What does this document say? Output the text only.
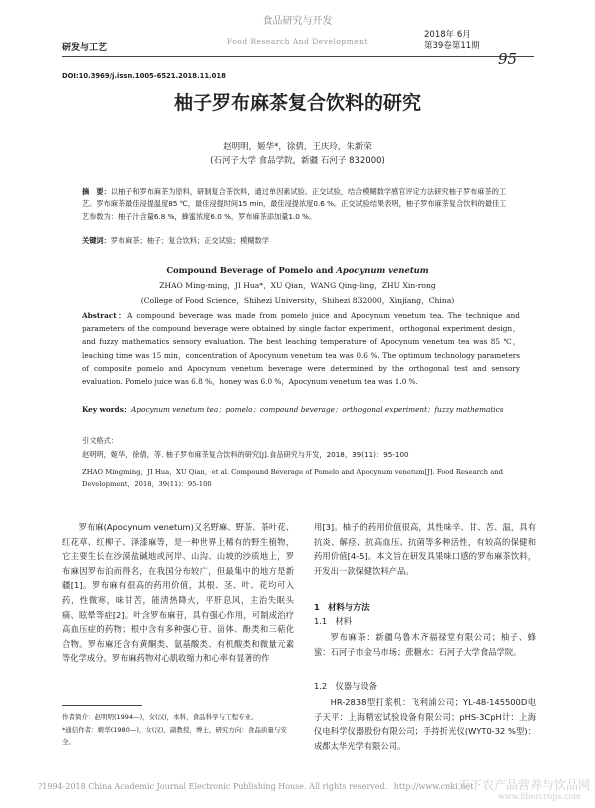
研发与工艺
食品研究与开发
Food Research And Development
2018年 6月
第39卷第11期
95
DOI:10.3969/j.issn.1005-6521.2018.11.018
柚子罗布麻茶复合饮料的研究
赵明明，姬华*，徐倩，王庆玲，朱新荣
(石河子大学 食品学院，新疆 石河子 832000)
摘　要：以柚子和罗布麻茶为原料，研制复合茶饮料，通过单因素试验、正交试验，结合模糊数学感官评定方法研究柚子罗布麻茶的工艺。罗布麻茶最佳浸提温度85 ℃，最佳浸提时间15 min，最佳浸提浓度0.6 %。正交试验结果表明，柚子罗布麻茶复合饮料的最佳工艺参数为：柚子汁含量6.8 %，蜂蜜浓度6.0 %，罗布麻茶添加量1.0 %。
关键词：罗布麻茶；柚子；复合饮料；正交试验；模糊数学
Compound Beverage of Pomelo and Apocynum venetum
ZHAO Ming-ming，JI Hua*，XU Qian，WANG Qing-ling，ZHU Xin-rong
(College of Food Science，Shihezi University，Shihezi 832000，Xinjiang，China)
Abstract：A compound beverage was made from pomelo juice and Apocynum venetum tea. The technique and parameters of the compound beverage were obtained by single factor experiment，orthogonal experiment design，and fuzzy mathematics sensory evaluation. The best leaching temperature of Apocynum venetum tea was 85 ℃，leaching time was 15 min，concentration of Apocynum venetum tea was 0.6 %. The optimum technology parameters of composite pomelo and Apocynum venetum beverage were determined by the orthogonal test and sensory evaluation. Pomelo juice was 6.8 %，honey was 6.0 %，Apocynum venetum tea was 1.0 %.
Key words：Apocynum venetum tea；pomelo；compound beverage；orthogonal experiment；fuzzy mathematics
引文格式：
赵明明，姬华，徐倩，等. 柚子罗布麻茶复合饮料的研究[J].食品研究与开发，2018，39(11)：95-100
ZHAO Mingming，JI Hua，XU Qian，et al. Compound Beverage of Pomelo and Apocynum venetum[J]. Food Research and Development，2018，39(11)：95-100
罗布麻(Apocynum venetum)又名野麻、野茶、茶叶花、红花草、红柳子、泽漆麻等，是一种世界上稀有的野生植物，它主要生长在沙漠盐碱地或河岸、山沟、山坡的沙质地上，罗布麻因罗布泊而得名，在我国分布较广，但最集中的地方是新疆[1]。罗布麻有很高的药用价值，其根、茎、叶、花均可入药，性微寒，味甘苦，能清热降火，平肝息风，主治失眠头痛、眩晕等症[2]。叶含罗布麻苷，具有强心作用，可制成治疗高血压症的药物；根中含有多种强心苷、甾体、酚类和三萜化合物。罗布麻还含有黄酮类、氨基酸类、有机酸类和微量元素等化学成分。罗布麻药物对心肌收缩力和心率有显著的作
用[3]。柚子的药用价值很高，其性味辛、甘、苦、温，具有抗炎、解痉、抗高血压、抗菌等多种活性，有较高的保健和药用价值[4-5]。本文旨在研发具果味口感的罗布麻茶饮料，开发出一款保健饮料产品。
1　材料与方法
1.1　材料
罗布麻茶：新疆乌鲁木齐福禄堂有限公司；柚子、蜂蜜：石河子市金马市场；蔗糖水：石河子大学食品学院。
1.2　仪器与设备
HR-2838型打浆机：飞利浦公司；YL-48-145500D电子天平：上海精宏试验设备有限公司；pHS-3CpH计：上海仪电科学仪器股份有限公司；手持折光仪(WYT0-32 %型)：成都太华光学有限公司。
作者简介：赵明明(1994—)，女(汉)，本科，食品科学与工程专业。
*通信作者：姬华(1980—)，女(汉)，副教授，博士，研究方向：食品质量与安全。
?1994-2018 China Academic Journal Electronic Publishing House. All rights reserved. http://www.cnki.net
天下农产品营养与饮品网
www.fibercrops.com
